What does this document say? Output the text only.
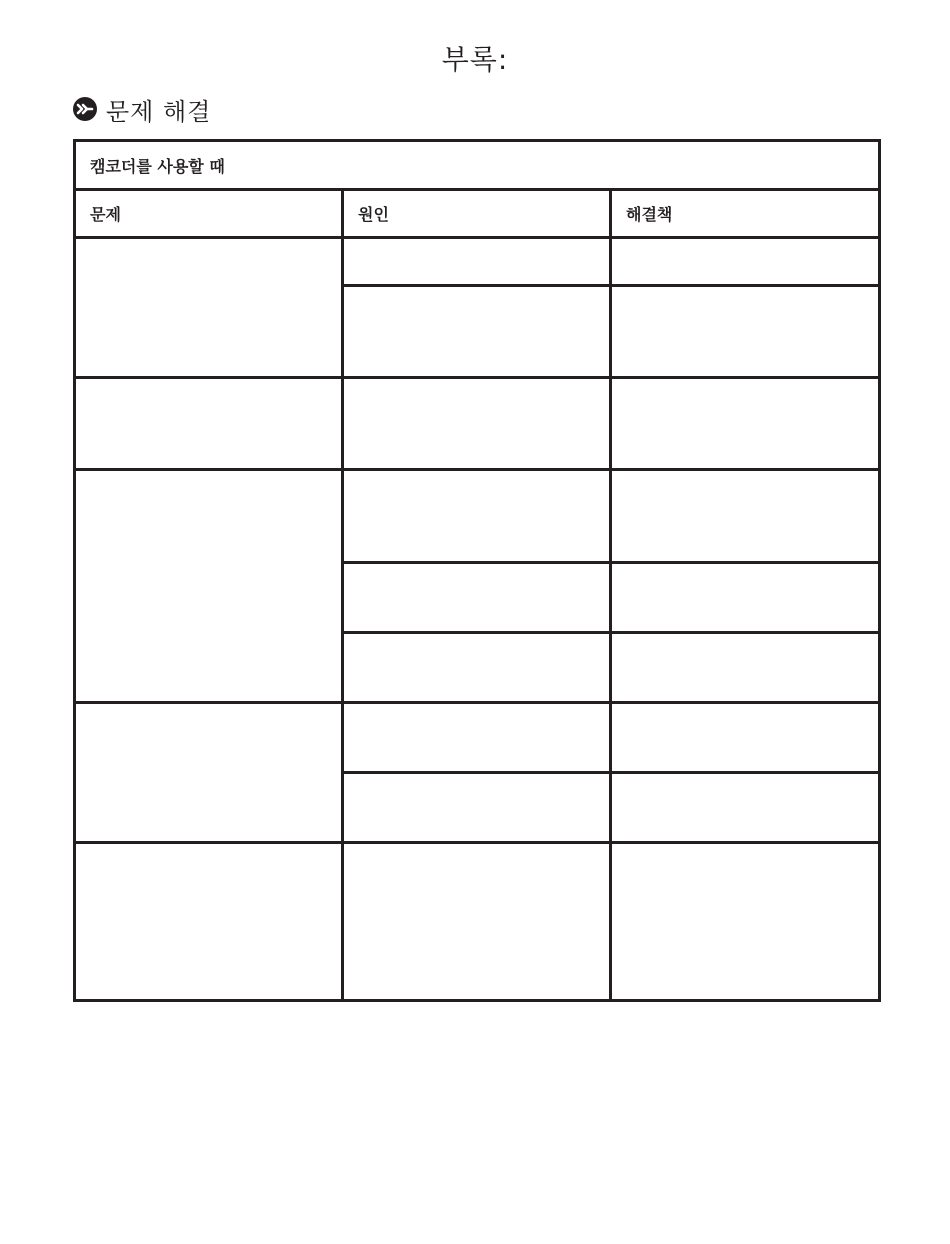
부록:
문제 해결
캠코더를 사용할 때		
문제	원인	해결책
